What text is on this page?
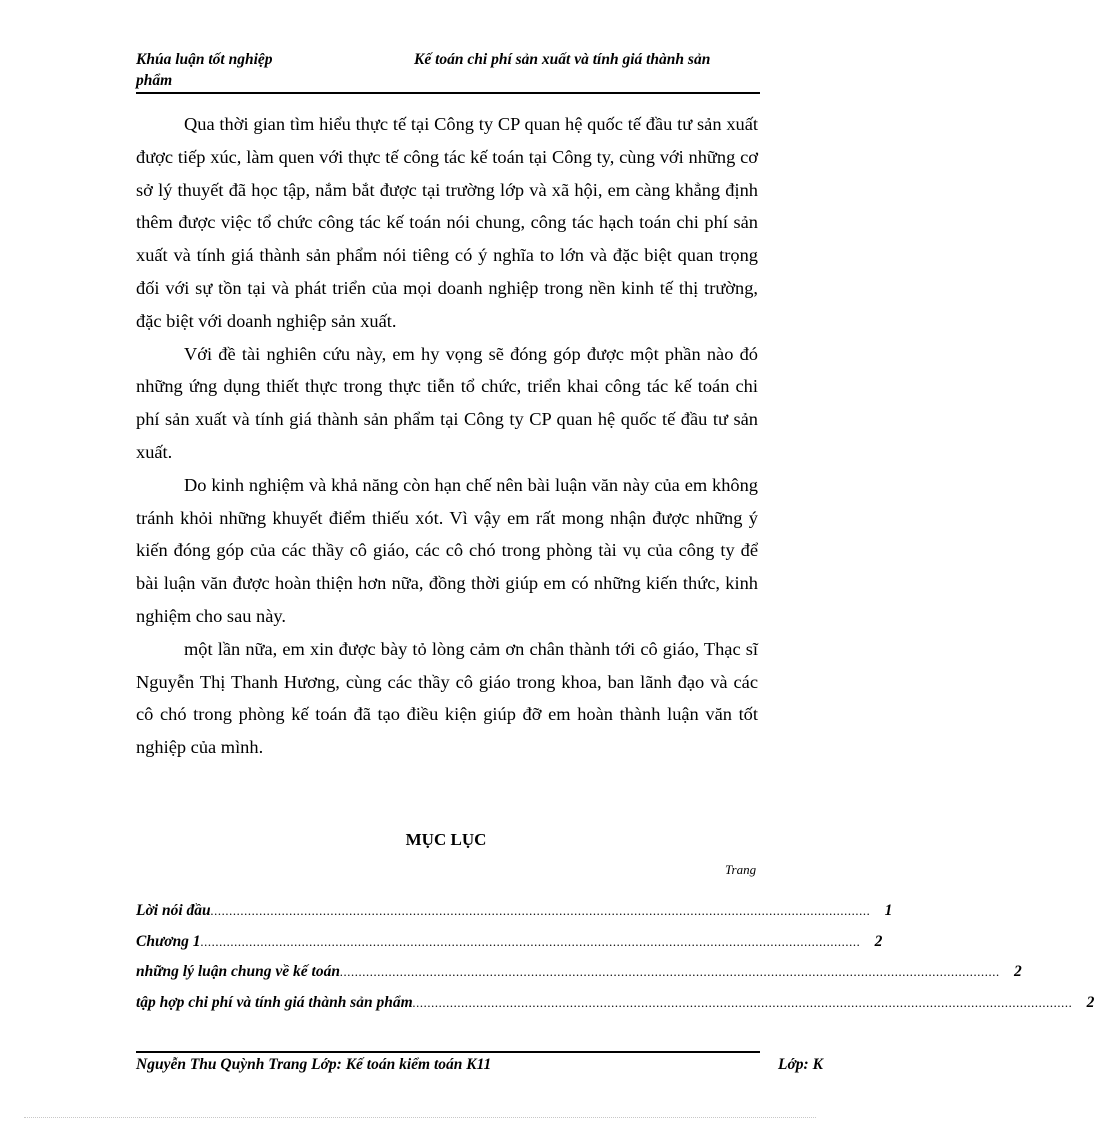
Khúa luận tốt nghiệp	Kế toán chi phí sản xuất và tính giá thành sản
phẩm

Qua thời gian tìm hiểu thực tế tại Công ty CP quan hệ quốc tế đầu tư sản xuất được tiếp xúc, làm quen với thực tế công tác kế toán tại Công ty, cùng với những cơ sở lý thuyết đã học tập, nắm bắt được tại trường lớp và xã hội, em càng khẳng định thêm được việc tổ chức công tác kế toán nói chung, công tác hạch toán chi phí sản xuất và tính giá thành sản phẩm nói tiêng có ý nghĩa to lớn và đặc biệt quan trọng đối với sự tồn tại và phát triển của mọi doanh nghiệp trong nền kinh tế thị trường, đặc biệt với doanh nghiệp sản xuất.

Với đề tài nghiên cứu này, em hy vọng sẽ đóng góp được một phần nào đó những ứng dụng thiết thực trong thực tiễn tổ chức, triển khai công tác kế toán chi phí sản xuất và tính giá thành sản phẩm tại Công ty CP quan hệ quốc tế đầu tư sản xuất.

Do kinh nghiệm và khả năng còn hạn chế nên bài luận văn này của em không tránh khỏi những khuyết điểm thiếu xót. Vì vậy em rất mong nhận được những ý kiến đóng góp của các thầy cô giáo, các cô chó trong phòng tài vụ của công ty để bài luận văn được hoàn thiện hơn nữa, đồng thời giúp em có những kiến thức, kinh nghiệm cho sau này.

một lần nữa, em xin được bày tỏ lòng cảm ơn chân thành tới cô giáo, Thạc sĩ Nguyễn Thị Thanh Hương, cùng các thầy cô giáo trong khoa, ban lãnh đạo và các cô chó trong phòng kế toán đã tạo điều kiện giúp đỡ em hoàn thành luận văn tốt nghiệp của mình.

MỤC LỤC
Trang
Lời nói đầu ................................................................................................................................................................................ 1
Chương 1 ................................................................................................................................................................................ 2
những lý luận chung về kế toán ................................................................................................................................................................................ 2
tập hợp chi phí và tính giá thành sản phẩm ................................................................................................................................................................................ 2
Nguyễn Thu Quỳnh Trang Lớp: Kế toán kiểm toán K11	Lớp: K
